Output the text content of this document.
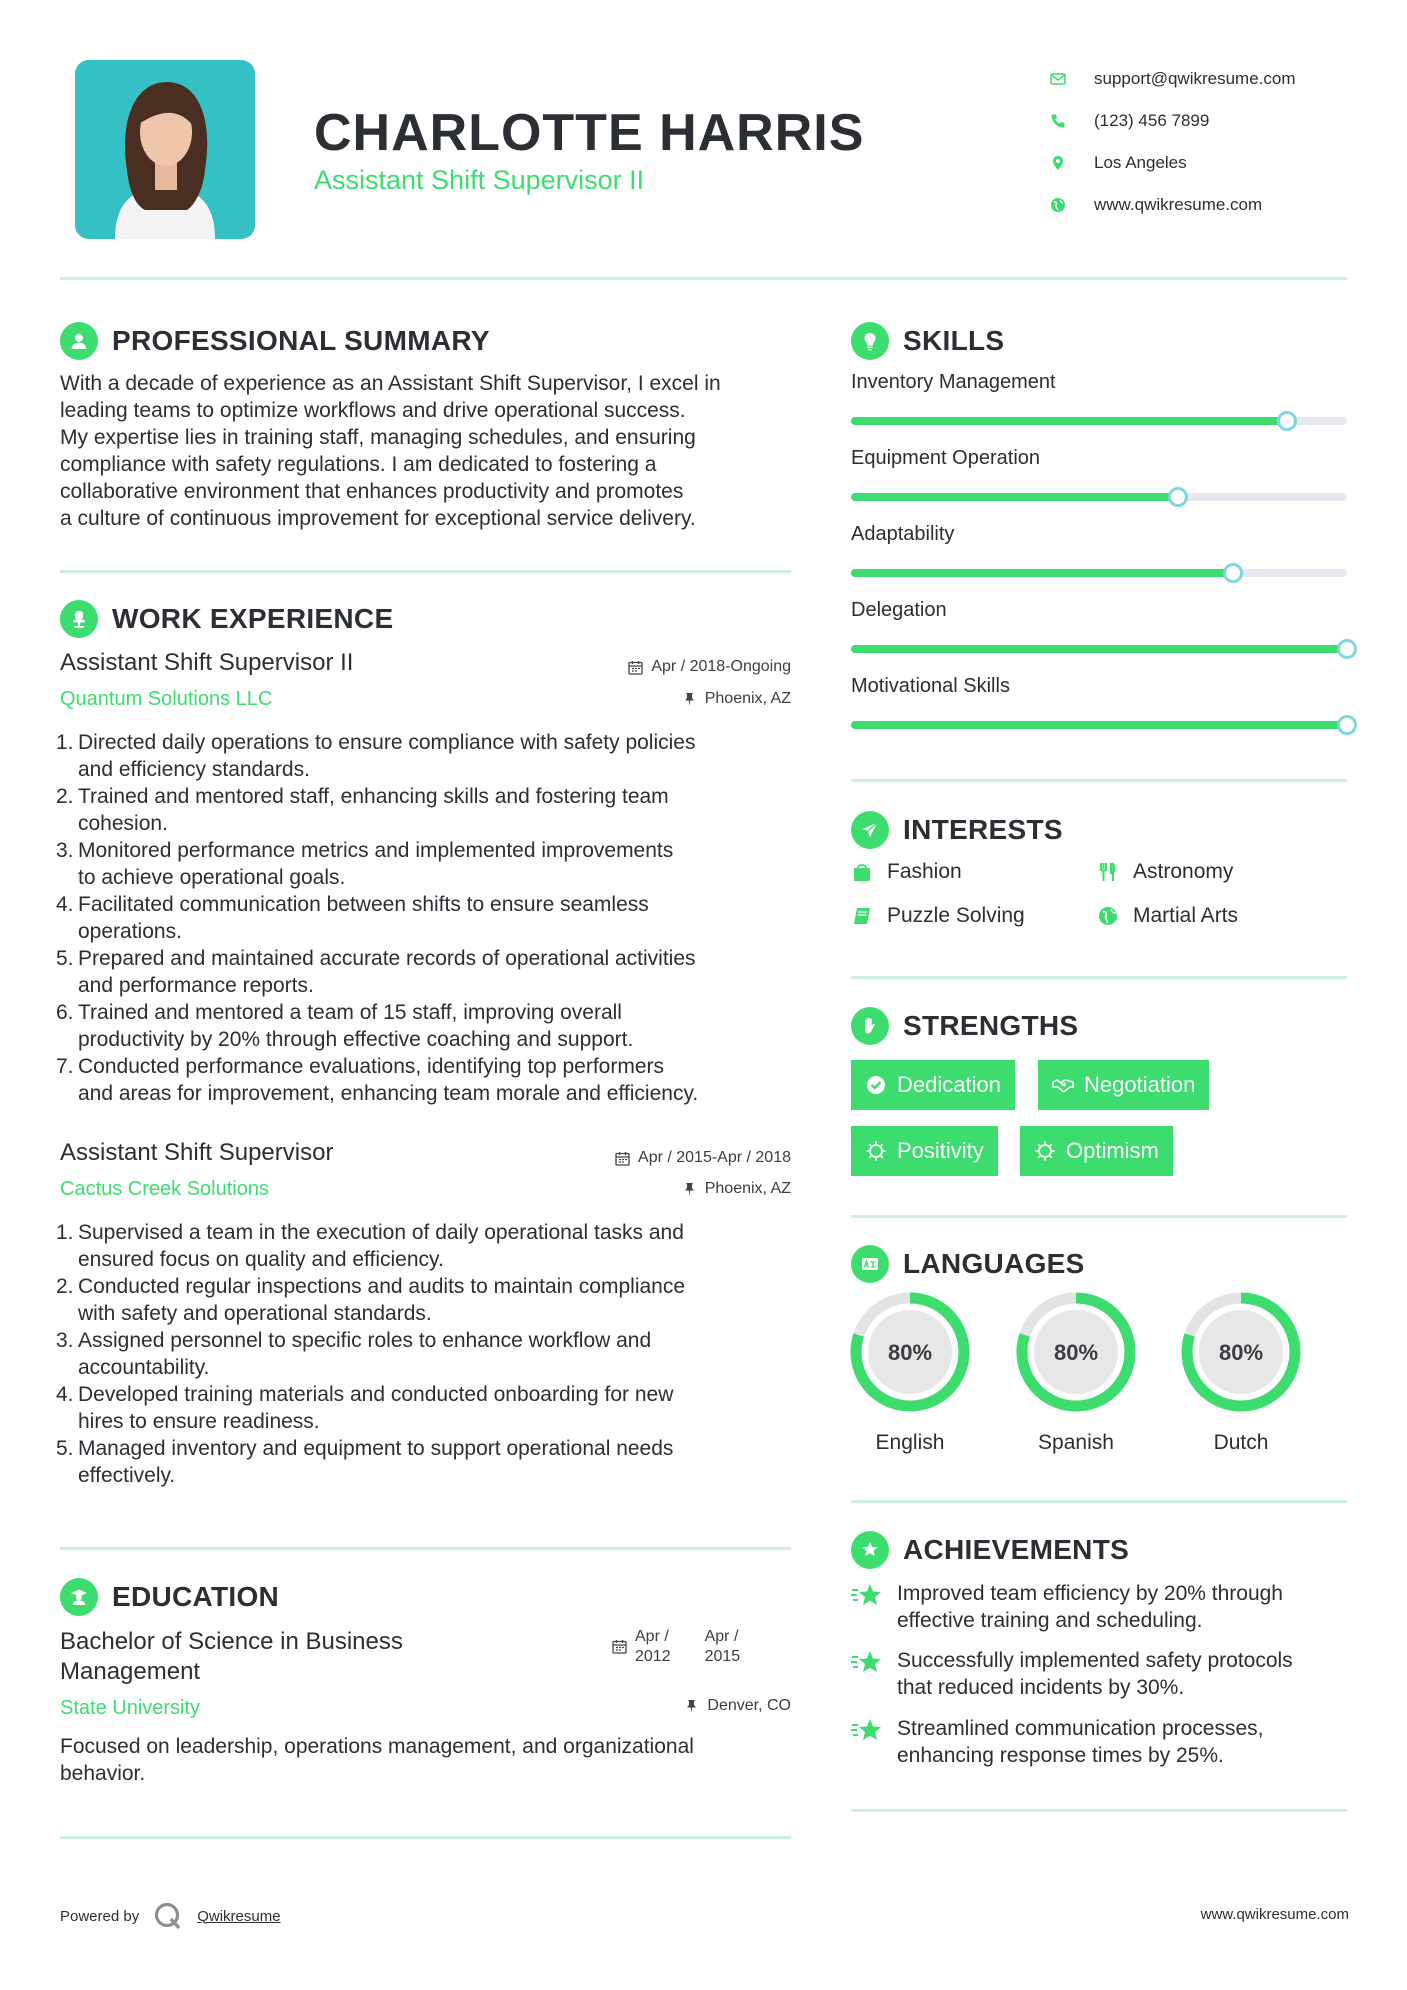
CHARLOTTE HARRIS
Assistant Shift Supervisor II
support@qwikresume.com
(123) 456 7899
Los Angeles
www.qwikresume.com
PROFESSIONAL SUMMARY
With a decade of experience as an Assistant Shift Supervisor, I excel in
leading teams to optimize workflows and drive operational success.
My expertise lies in training staff, managing schedules, and ensuring
compliance with safety regulations. I am dedicated to fostering a
collaborative environment that enhances productivity and promotes
a culture of continuous improvement for exceptional service delivery.
WORK EXPERIENCE
Assistant Shift Supervisor II
Quantum Solutions LLC
Apr / 2018-Ongoing
Phoenix, AZ
1. Directed daily operations to ensure compliance with safety policies
and efficiency standards.
2. Trained and mentored staff, enhancing skills and fostering team
cohesion.
3. Monitored performance metrics and implemented improvements
to achieve operational goals.
4. Facilitated communication between shifts to ensure seamless
operations.
5. Prepared and maintained accurate records of operational activities
and performance reports.
6. Trained and mentored a team of 15 staff, improving overall
productivity by 20% through effective coaching and support.
7. Conducted performance evaluations, identifying top performers
and areas for improvement, enhancing team morale and efficiency.
Assistant Shift Supervisor
Cactus Creek Solutions
Apr / 2015-Apr / 2018
Phoenix, AZ
1. Supervised a team in the execution of daily operational tasks and
ensured focus on quality and efficiency.
2. Conducted regular inspections and audits to maintain compliance
with safety and operational standards.
3. Assigned personnel to specific roles to enhance workflow and
accountability.
4. Developed training materials and conducted onboarding for new
hires to ensure readiness.
5. Managed inventory and equipment to support operational needs
effectively.
EDUCATION
Bachelor of Science in Business
Management
Apr /
2012
Apr /
2015
State University	Denver, CO
Focused on leadership, operations management, and organizational
behavior.
SKILLS
Inventory Management
Equipment Operation
Adaptability
Delegation
Motivational Skills
INTERESTS
Fashion	Astronomy
Puzzle Solving	Martial Arts
STRENGTHS
Dedication	Negotiation
Positivity	Optimism
LANGUAGES
80%
English
80%
Spanish
80%
Dutch
ACHIEVEMENTS
Improved team efficiency by 20% through
effective training and scheduling.
Successfully implemented safety protocols
that reduced incidents by 30%.
Streamlined communication processes,
enhancing response times by 25%.
Powered by	Qwikresume	www.qwikresume.com
